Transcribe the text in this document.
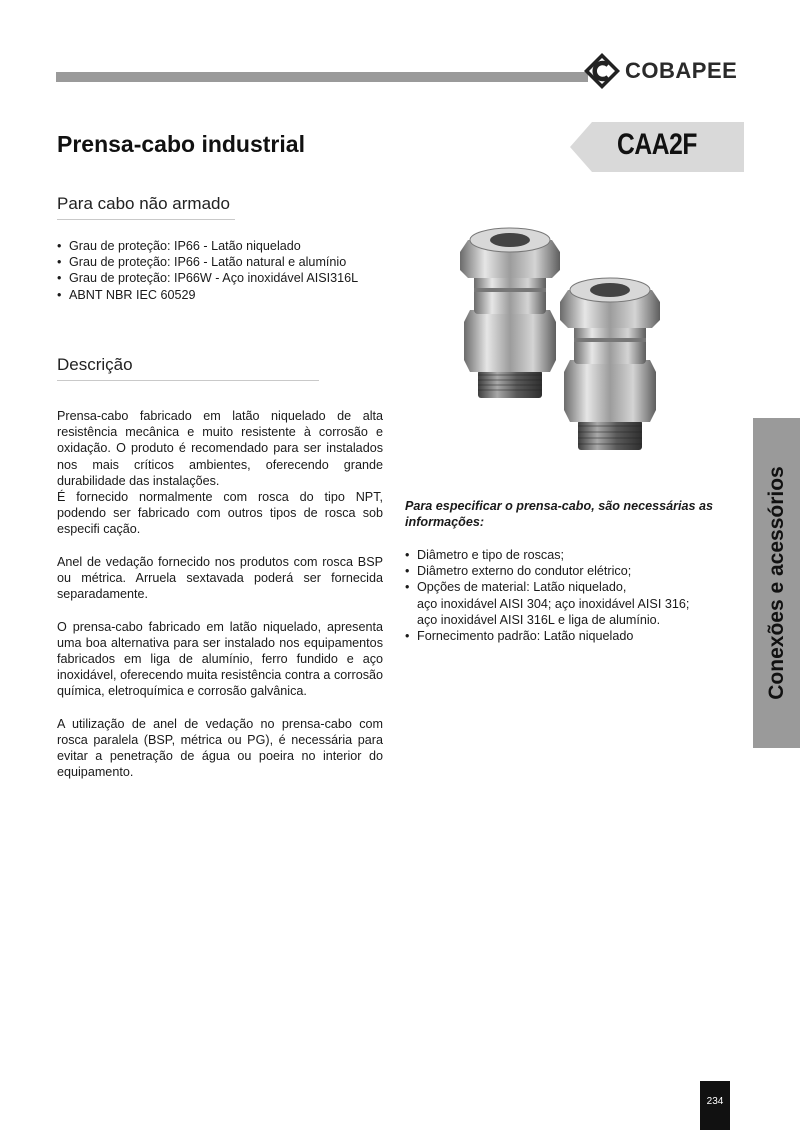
COBAPEE
Prensa-cabo industrial	CAA2F
Para cabo não armado
• Grau de proteção: IP66 - Latão niquelado
• Grau de proteção: IP66 - Latão natural e alumínio
• Grau de proteção: IP66W - Aço inoxidável AISI316L
• ABNT NBR IEC 60529
Descrição

Prensa-cabo fabricado em latão niquelado de alta resistência mecânica e muito resistente à corrosão e oxidação. O produto é recomendado para ser instalados nos mais críticos ambientes, oferecendo grande durabilidade das instalações.
É fornecido normalmente com rosca do tipo NPT, podendo ser fabricado com outros tipos de rosca sob especifi cação.

Anel de vedação fornecido nos produtos com rosca BSP ou métrica. Arruela sextavada poderá ser fornecida separadamente.

O prensa-cabo fabricado em latão niquelado, apresenta uma boa alternativa para ser instalado nos equipamentos fabricados em liga de alumínio, ferro fundido e aço inoxidável, oferecendo muita resistência contra a corrosão química, eletroquímica e corrosão galvânica.

A utilização de anel de vedação no prensa-cabo com rosca paralela (BSP, métrica ou PG), é necessária para evitar a penetração de água ou poeira no interior do equipamento.

Para especificar o prensa-cabo, são necessárias as informações:
• Diâmetro e tipo de roscas;
• Diâmetro externo do condutor elétrico;
• Opções de material: Latão niquelado,
aço inoxidável AISI 304; aço inoxidável AISI 316;
aço inoxidável AISI 316L e liga de alumínio.
• Fornecimento padrão: Latão niquelado	Conexões e acessórios
234
